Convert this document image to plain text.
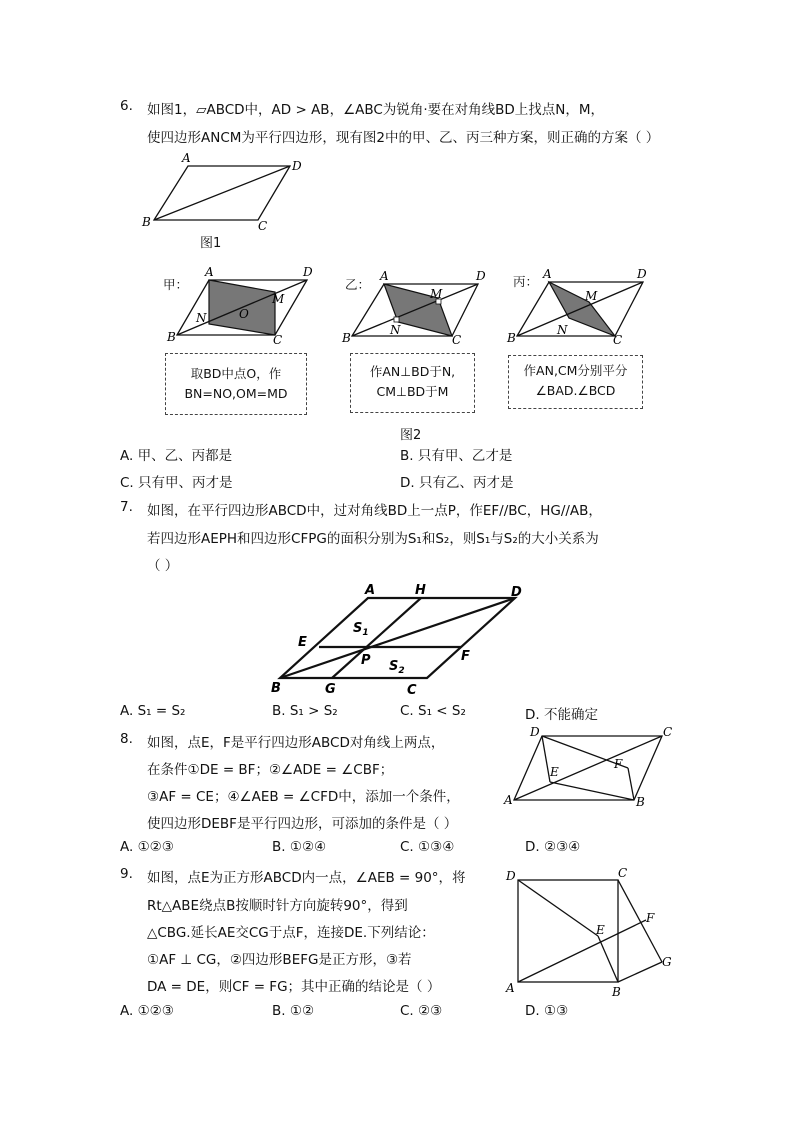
6. 如图1，▱ABCD中，AD > AB，∠ABC为锐角·要在对角线BD上找点N，M，
使四边形ANCM为平行四边形，现有图2中的甲、乙、丙三种方案，则正确的方案（ ）
A
D
B	C
图1
甲：
A	D
B	C
N	O
M
取BD中点O，作
BN=NO,OM=MD
乙：
A	D
B	C
N
M
作AN⊥BD于N,
CM⊥BD于M
丙： A	D
B	C
N
M
作AN,CM分别平分
∠BAD.∠BCD
图2
A. 甲、乙、丙都是	B. 只有甲、乙才是
C. 只有甲、丙才是	D. 只有乙、丙才是
7. 如图，在平行四边形ABCD中，过对角线BD上一点P，作EF//BC，HG//AB，
若四边形AEPH和四边形CFPG的面积分别为S₁和S₂，则S₁与S₂的大小关系为
（ ）
A	H	D
E
F
P
$S_1$
$S_2$
B	G	C
A. S₁ = S₂	B. S₁ > S₂	C. S₁ < S₂	D. 不能确定
8. 如图，点E，F是平行四边形ABCD对角线上两点，
在条件①DE = BF；②∠ADE = ∠CBF；
③AF = CE；④∠AEB = ∠CFD中，添加一个条件，
使四边形DEBF是平行四边形，可添加的条件是（ ）
D	C
A	B
E
F
A. ①②③	B. ①②④	C. ①③④	D. ②③④
9. 如图，点E为正方形ABCD内一点，∠AEB = 90°，将
Rt△ABE绕点B按顺时针方向旋转90°，得到
△CBG.延长AE交CG于点F，连接DE.下列结论：
①AF ⊥ CG，②四边形BEFG是正方形，③若
DA = DE，则CF = FG；其中正确的结论是（ ）
D	C
A	B
E
F
G
A. ①②③	B. ①②	C. ②③	D. ①③
